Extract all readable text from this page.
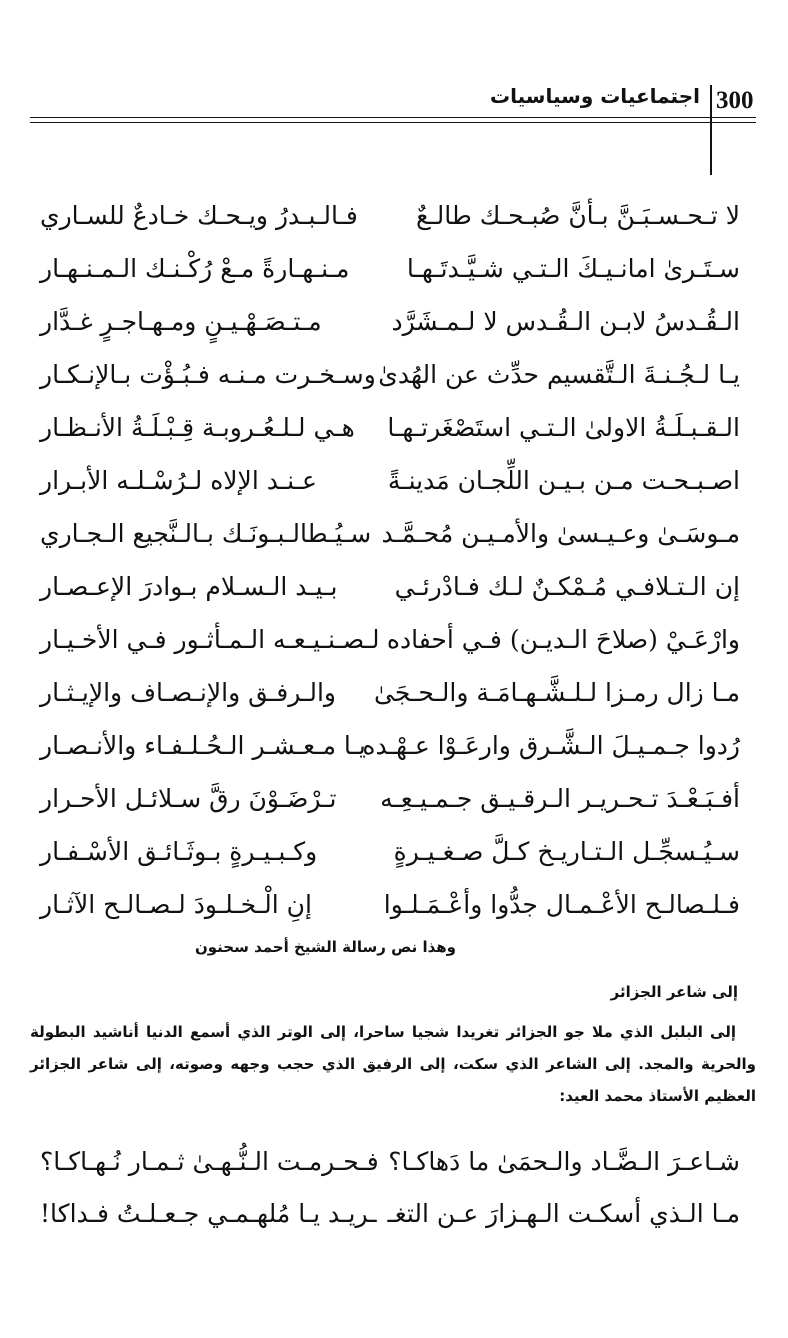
300
اجتماعيات وسياسيات
لا تـحـسـبَـنَّ بـأنَّ صُبـحـك طالـعٌ
فـالـبـدرُ ويـحـك خـادعٌ للسـاري
سـتَـرىٰ امانـيـكَ الـتـي شـيَّـدتَـهـا
مـنـهـارةً مـعْ رُكْـنـك الـمـنـهـار
الـقُـدسُ لابـن الـقُـدس لا لـمـشَرَّد
مـتـصَـهْـيـنٍ ومـهـاجـرٍ غـدَّار
يـا لـجُـنـةَ الـتَّقسيم حدِّث عن الهُدىٰ
وسـخـرت مـنـه فـبُـؤْت بـالإنـكـار
الـقـبـلَـةُ الاولىٰ الـتـي استَصْغَرتـهـا
هـي لـلـعُـروبـة قِـبْـلَـةُ الأنـظـار
اصـبـحـت مـن بـيـن اللِّجـان مَدينـةً
عـنـد الإلاه لـرُسْـلـه الأبـرار
مـوسَـىٰ وعـيـسىٰ والأمـيـن مُحـمَّـد
سـيُـطالـبـونَـك بـالـنَّجيع الـجـاري
إن الـتـلافـي مُـمْكـنٌ لـك فـادْرئـي
بـيـد الـسـلام بـوادرَ الإعـصـار
وارْعَـيْ (صلاحَ الـديـن) فـي أحفاده
لـصـنـيـعـه الـمـأثـور فـي الأخـيـار
مـا زال رمـزا لـلـشَّـهـامَـة والـحـجَىٰ
والـرفـق والإنـصـاف والإيـثـار
رُدوا جـمـيـلَ الـشَّـرق وارعَـوْا عـهْـده
يـا مـعـشـر الـحُـلـفـاء والأنـصـار
أفـبَـعْـدَ تـحـريـر الـرقـيـق جـمـيـعِـه
تـرْضَـوْنَ رقَّ سـلائـل الأحـرار
سـيُـسجِّـل الـتـاريـخ كـلَّ صـغـيـرةٍ
وكـبـيـرةٍ بـوثَـائـق الأسْـفـار
فـلـصالـح الأعْـمـال جدُّوا وأعْـمَـلـوا
إنِ الْـخـلـودَ لـصـالـح الآثـار
وهذا نص رسالة الشيخ أحمد سحنون
إلى شاعر الجزائر
إلى البلبل الذي ملا جو الجزائر تغريدا شجيا ساحرا، إلى الوتر الذي أسمع الدنيا أناشيد البطولة والحرية والمجد. إلى الشاعر الذي سكت، إلى الرفيق الذي حجب وجهه وصوته، إلى شاعر الجزائر العظيم الأستاذ محمد العيد:
شـاعـرَ الـضَّـاد والـحمَىٰ ما دَهاكـا؟
فـحـرمـت الـنُّـهـىٰ ثـمـار نُـهـاكـا؟
مـا الـذي أسكـت الـهـزارَ عـن التغـ
ـريـد يـا مُلهـمـي جـعـلـتُ فـداكا!
